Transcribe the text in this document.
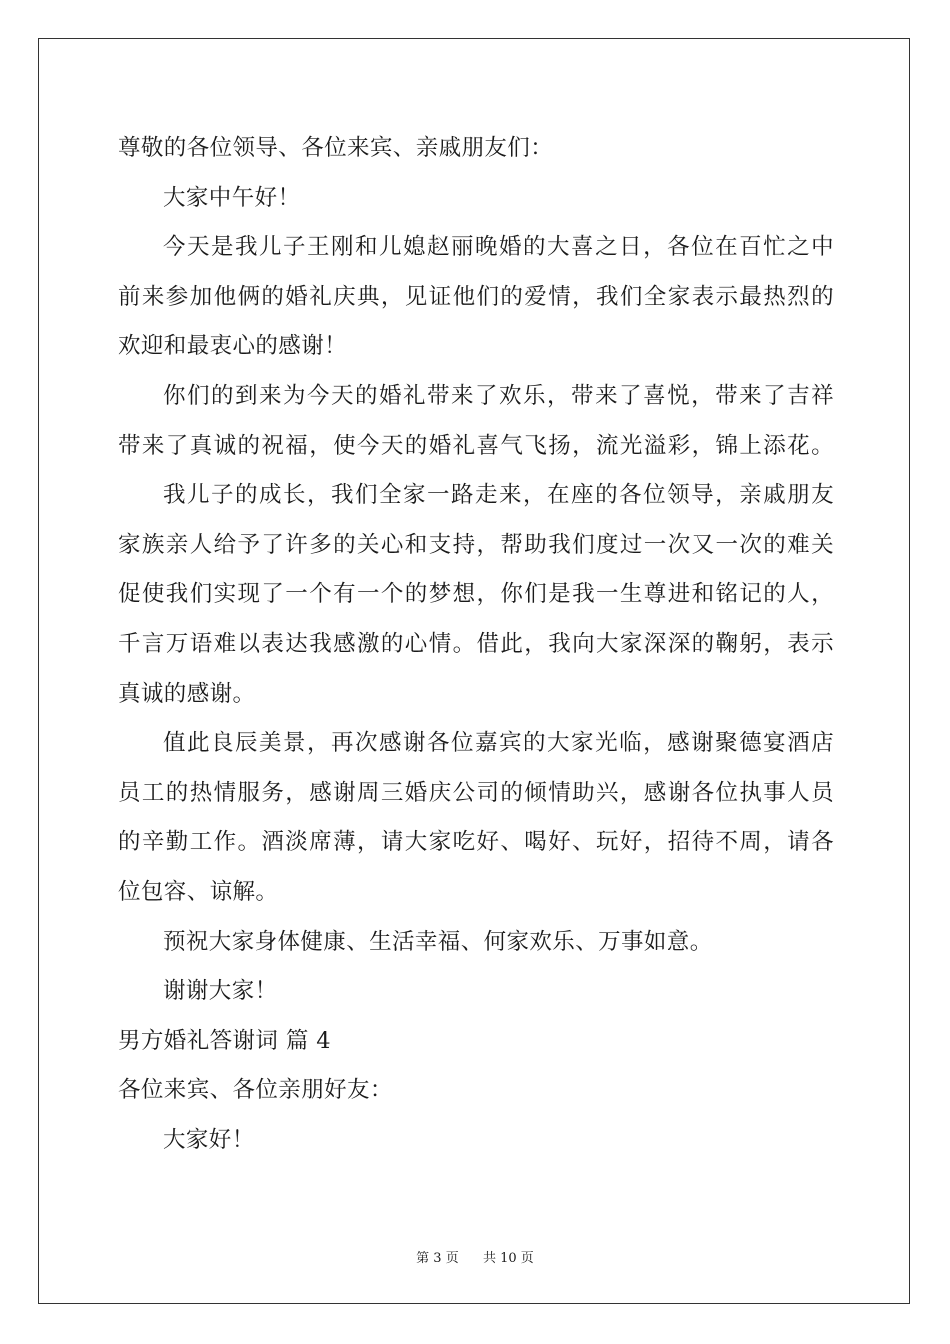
尊敬的各位领导、各位来宾、亲戚朋友们：
大家中午好！
今天是我儿子王刚和儿媳赵丽晚婚的大喜之日，各位在百忙之中
前来参加他俩的婚礼庆典，见证他们的爱情，我们全家表示最热烈的
欢迎和最衷心的感谢！
你们的到来为今天的婚礼带来了欢乐，带来了喜悦，带来了吉祥
带来了真诚的祝福，使今天的婚礼喜气飞扬，流光溢彩，锦上添花。
我儿子的成长，我们全家一路走来，在座的各位领导，亲戚朋友
家族亲人给予了许多的关心和支持，帮助我们度过一次又一次的难关
促使我们实现了一个有一个的梦想，你们是我一生尊进和铭记的人，
千言万语难以表达我感激的心情。借此，我向大家深深的鞠躬，表示
真诚的感谢。
值此良辰美景，再次感谢各位嘉宾的大家光临，感谢聚德宴酒店
员工的热情服务，感谢周三婚庆公司的倾情助兴，感谢各位执事人员
的辛勤工作。酒淡席薄，请大家吃好、喝好、玩好，招待不周，请各
位包容、谅解。
预祝大家身体健康、生活幸福、何家欢乐、万事如意。
谢谢大家！
男方婚礼答谢词 篇 4
各位来宾、各位亲朋好友：
大家好！
第 3 页 共 10 页
